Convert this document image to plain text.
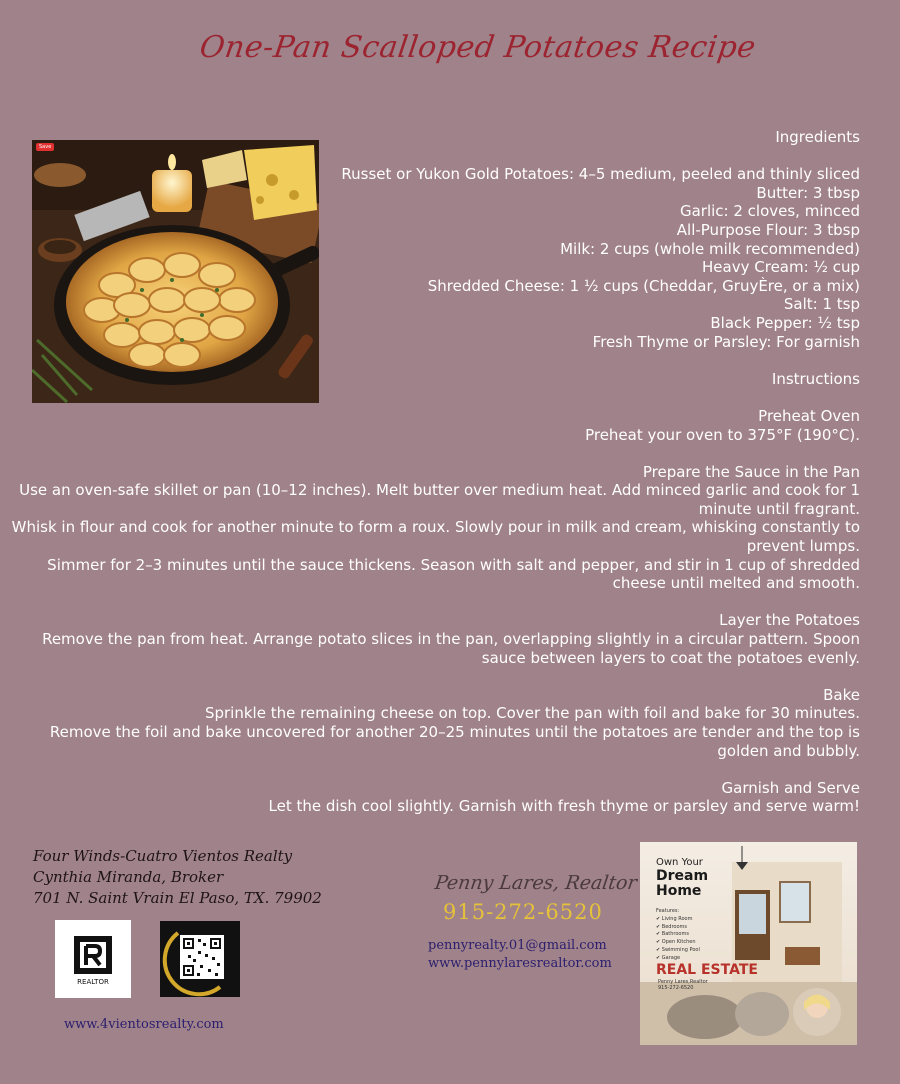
One-Pan Scalloped Potatoes Recipe
Save
Ingredients
Russet or Yukon Gold Potatoes: 4–5 medium, peeled and thinly sliced
Butter: 3 tbsp
Garlic: 2 cloves, minced
All-Purpose Flour: 3 tbsp
Milk: 2 cups (whole milk recommended)
Heavy Cream: ½ cup
Shredded Cheese: 1 ½ cups (Cheddar, GruyÈre, or a mix)
Salt: 1 tsp
Black Pepper: ½ tsp
Fresh Thyme or Parsley: For garnish
Instructions
Preheat Oven
Preheat your oven to 375°F (190°C).
Prepare the Sauce in the Pan
Use an oven-safe skillet or pan (10–12 inches). Melt butter over medium heat. Add minced garlic and cook for 1
minute until fragrant.
Whisk in flour and cook for another minute to form a roux. Slowly pour in milk and cream, whisking constantly to
prevent lumps.
Simmer for 2–3 minutes until the sauce thickens. Season with salt and pepper, and stir in 1 cup of shredded
cheese until melted and smooth.
Layer the Potatoes
Remove the pan from heat. Arrange potato slices in the pan, overlapping slightly in a circular pattern. Spoon
sauce between layers to coat the potatoes evenly.
Bake
Sprinkle the remaining cheese on top. Cover the pan with foil and bake for 30 minutes.
Remove the foil and bake uncovered for another 20–25 minutes until the potatoes are tender and the top is
golden and bubbly.
Garnish and Serve
Let the dish cool slightly. Garnish with fresh thyme or parsley and serve warm!
Four Winds-Cuatro Vientos Realty
Cynthia Miranda, Broker
701 N. Saint Vrain El Paso, TX. 79902
REALTOR
www.4vientosrealty.com
Penny Lares, Realtor
915-272-6520
pennyrealty.01@gmail.com
www.pennylaresrealtor.com
Own Your
Dream
Home
Features:
✔ Living Room
✔ Bedrooms
✔ Bathrooms
✔ Open Kitchen
✔ Swimming Pool
✔ Garage
REAL ESTATE
Penny Lares,Realtor
915-272-6520
